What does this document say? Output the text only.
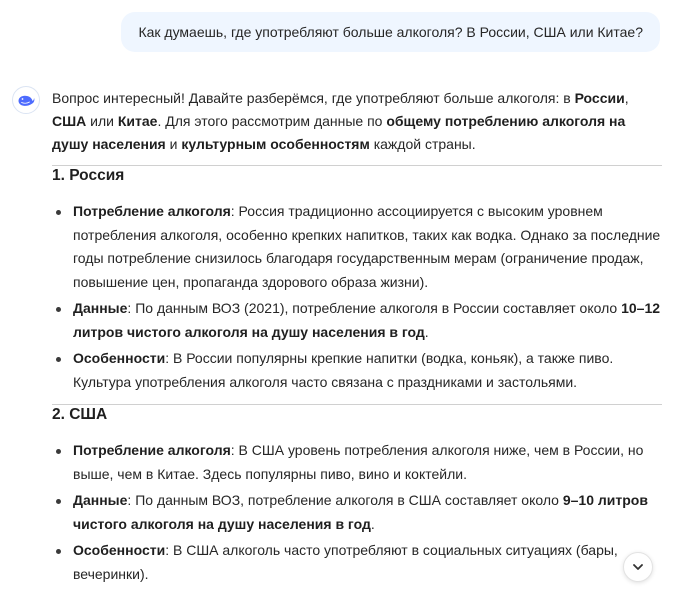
Как думаешь, где употребляют больше алкоголя? В России, США или Китае?

Вопрос интересный! Давайте разберёмся, где употребляют больше алкоголя: в России, США или Китае. Для этого рассмотрим данные по общему потреблению алкоголя на душу населения и культурным особенностям каждой страны.

1. Россия
Потребление алкоголя: Россия традиционно ассоциируется с высоким уровнем потребления алкоголя, особенно крепких напитков, таких как водка. Однако за последние годы потребление снизилось благодаря государственным мерам (ограничение продаж, повышение цен, пропаганда здорового образа жизни).
Данные: По данным ВОЗ (2021), потребление алкоголя в России составляет около 10–12 литров чистого алкоголя на душу населения в год.
Особенности: В России популярны крепкие напитки (водка, коньяк), а также пиво. Культура употребления алкоголя часто связана с праздниками и застольями.
2. США
Потребление алкоголя: В США уровень потребления алкоголя ниже, чем в России, но выше, чем в Китае. Здесь популярны пиво, вино и коктейли.
Данные: По данным ВОЗ, потребление алкоголя в США составляет около 9–10 литров чистого алкоголя на душу населения в год.
Особенности: В США алкоголь часто употребляют в социальных ситуациях (бары, вечеринки).
